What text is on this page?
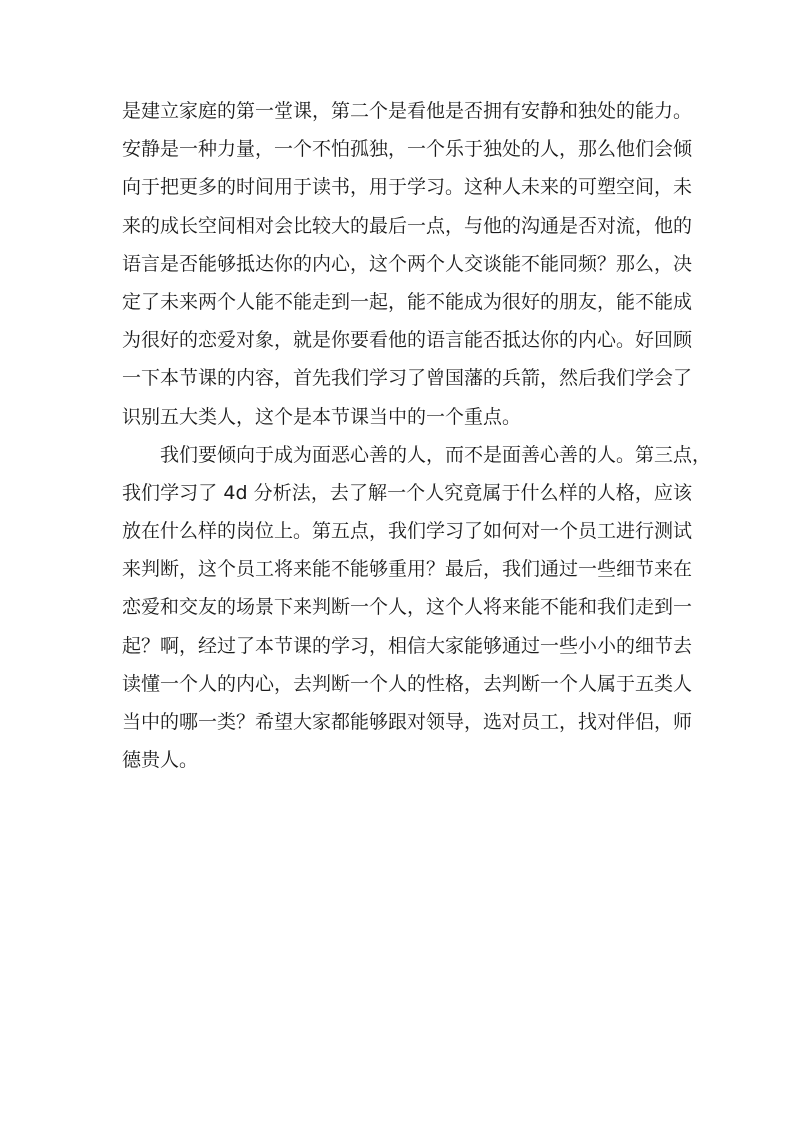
是建立家庭的第一堂课，第二个是看他是否拥有安静和独处的能力。
安静是一种力量，一个不怕孤独，一个乐于独处的人，那么他们会倾
向于把更多的时间用于读书，用于学习。这种人未来的可塑空间，未
来的成长空间相对会比较大的最后一点，与他的沟通是否对流，他的
语言是否能够抵达你的内心，这个两个人交谈能不能同频？那么，决
定了未来两个人能不能走到一起，能不能成为很好的朋友，能不能成
为很好的恋爱对象，就是你要看他的语言能否抵达你的内心。好回顾
一下本节课的内容，首先我们学习了曾国藩的兵箭，然后我们学会了
识别五大类人，这个是本节课当中的一个重点。
我们要倾向于成为面恶心善的人，而不是面善心善的人。第三点，
我们学习了 4d 分析法，去了解一个人究竟属于什么样的人格，应该
放在什么样的岗位上。第五点，我们学习了如何对一个员工进行测试
来判断，这个员工将来能不能够重用？最后，我们通过一些细节来在
恋爱和交友的场景下来判断一个人，这个人将来能不能和我们走到一
起？啊，经过了本节课的学习，相信大家能够通过一些小小的细节去
读懂一个人的内心，去判断一个人的性格，去判断一个人属于五类人
当中的哪一类？希望大家都能够跟对领导，选对员工，找对伴侣，师
德贵人。
